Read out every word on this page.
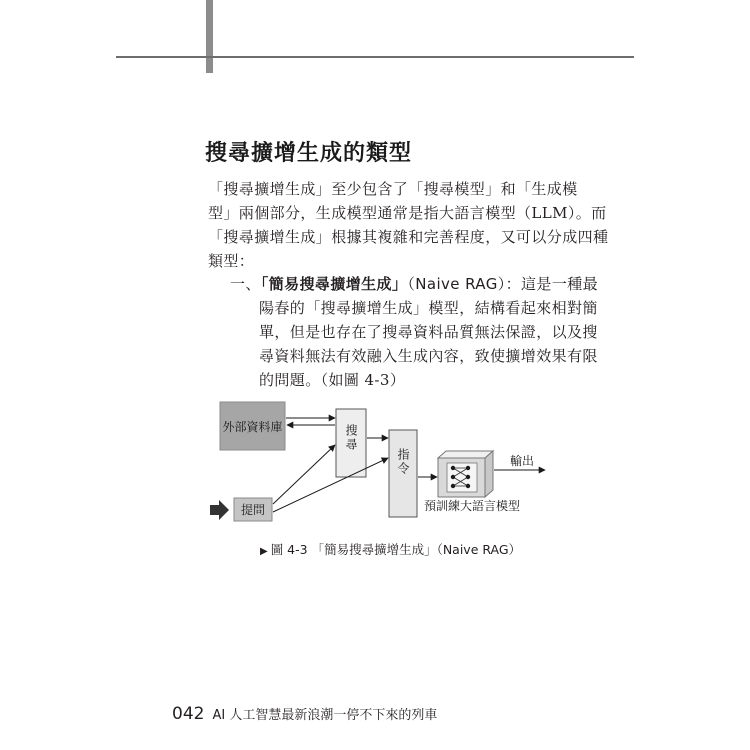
搜尋擴增生成的類型

「搜尋擴增生成」至少包含了「搜尋模型」和「生成模
型」兩個部分，生成模型通常是指大語言模型（LLM）。而
「搜尋擴增生成」根據其複雜和完善程度，又可以分成四種
類型：

一、「簡易搜尋擴增生成」（Naive RAG）：這是一種最
陽春的「搜尋擴增生成」模型，結構看起來相對簡
單，但是也存在了搜尋資料品質無法保證，以及搜
尋資料無法有效融入生成內容，致使擴增效果有限
的問題。（如圖 4-3）
外部資料庫	搜尋
指令
提問	預訓練大語言模型
輸出
▶ 圖 4-3 「簡易搜尋擴增生成」（Naive RAG）
042 AI 人工智慧最新浪潮一停不下來的列車
